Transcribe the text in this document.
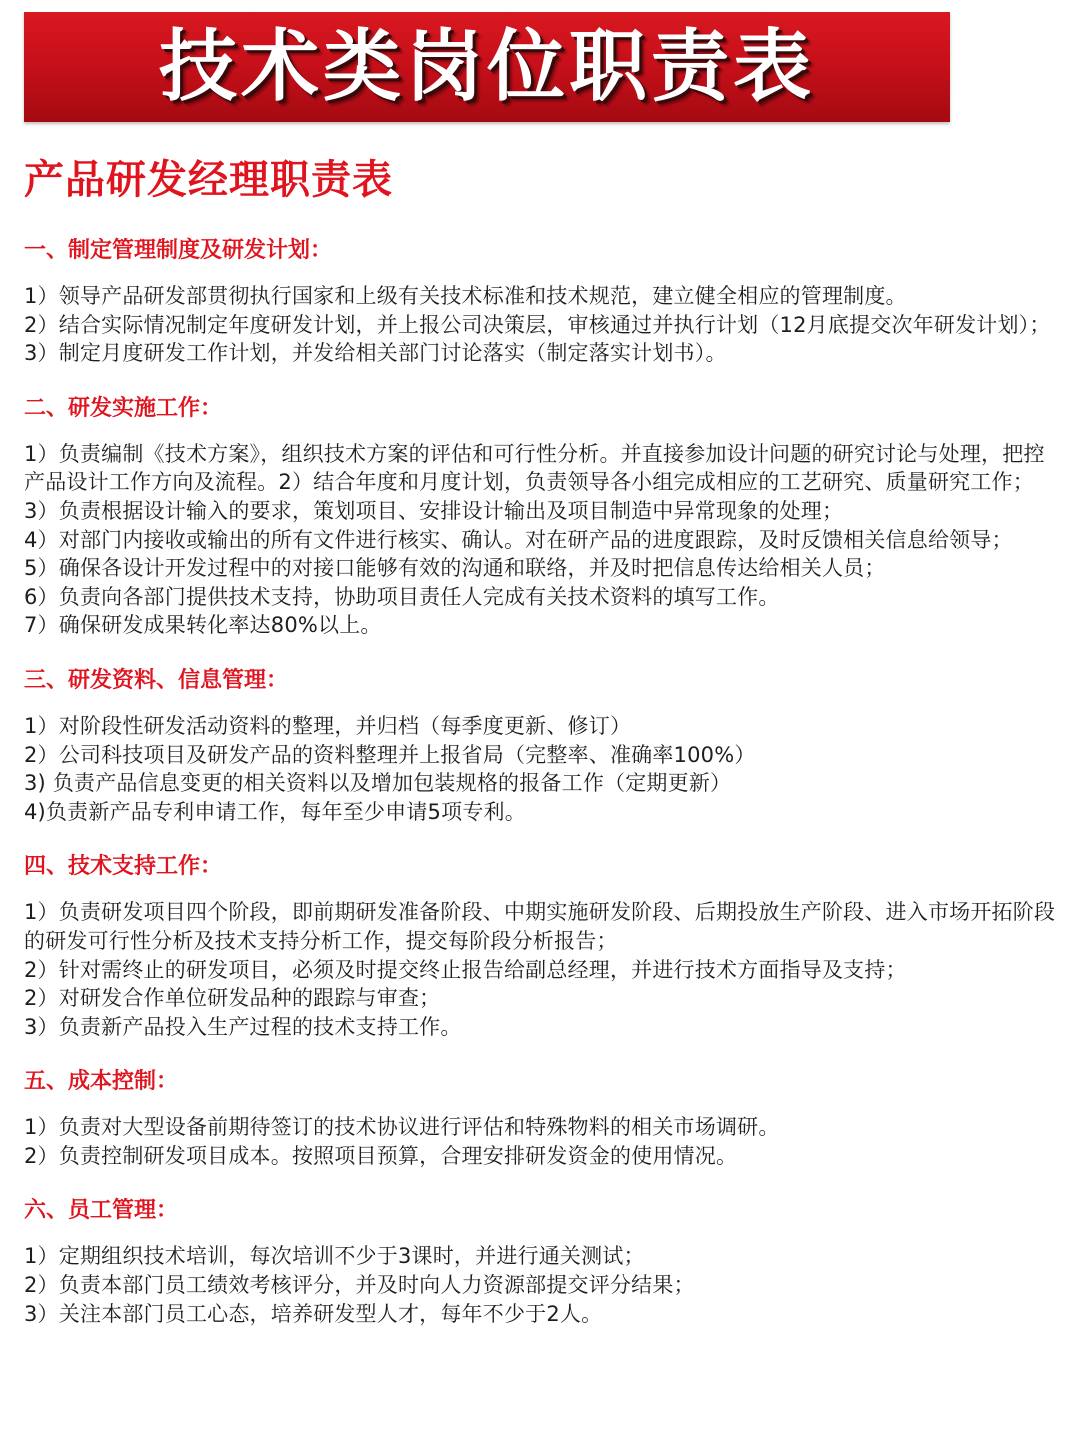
技术类岗位职责表
产品研发经理职责表

一、制定管理制度及研发计划：

1）领导产品研发部贯彻执行国家和上级有关技术标准和技术规范，建立健全相应的管理制度。

2）结合实际情况制定年度研发计划，并上报公司决策层，审核通过并执行计划（12月底提交次年研发计划）；

3）制定月度研发工作计划，并发给相关部门讨论落实（制定落实计划书）。

二、研发实施工作：

1）负责编制《技术方案》，组织技术方案的评估和可行性分析。并直接参加设计问题的研究讨论与处理，把控产品设计工作方向及流程。2）结合年度和月度计划，负责领导各小组完成相应的工艺研究、质量研究工作；

3）负责根据设计输入的要求，策划项目、安排设计输出及项目制造中异常现象的处理；

4）对部门内接收或输出的所有文件进行核实、确认。对在研产品的进度跟踪，及时反馈相关信息给领导；

5）确保各设计开发过程中的对接口能够有效的沟通和联络，并及时把信息传达给相关人员；

6）负责向各部门提供技术支持，协助项目责任人完成有关技术资料的填写工作。

7）确保研发成果转化率达80%以上。

三、研发资料、信息管理：

1）对阶段性研发活动资料的整理，并归档（每季度更新、修订）

2）公司科技项目及研发产品的资料整理并上报省局（完整率、准确率100%）

3) 负责产品信息变更的相关资料以及增加包装规格的报备工作（定期更新）

4)负责新产品专利申请工作，每年至少申请5项专利。

四、技术支持工作：

1）负责研发项目四个阶段，即前期研发准备阶段、中期实施研发阶段、后期投放生产阶段、进入市场开拓阶段的研发可行性分析及技术支持分析工作，提交每阶段分析报告；

2）针对需终止的研发项目，必须及时提交终止报告给副总经理，并进行技术方面指导及支持；

2）对研发合作单位研发品种的跟踪与审查；

3）负责新产品投入生产过程的技术支持工作。

五、成本控制：

1）负责对大型设备前期待签订的技术协议进行评估和特殊物料的相关市场调研。

2）负责控制研发项目成本。按照项目预算，合理安排研发资金的使用情况。

六、员工管理：

1）定期组织技术培训，每次培训不少于3课时，并进行通关测试；

2）负责本部门员工绩效考核评分，并及时向人力资源部提交评分结果；

3）关注本部门员工心态，培养研发型人才，每年不少于2人。
